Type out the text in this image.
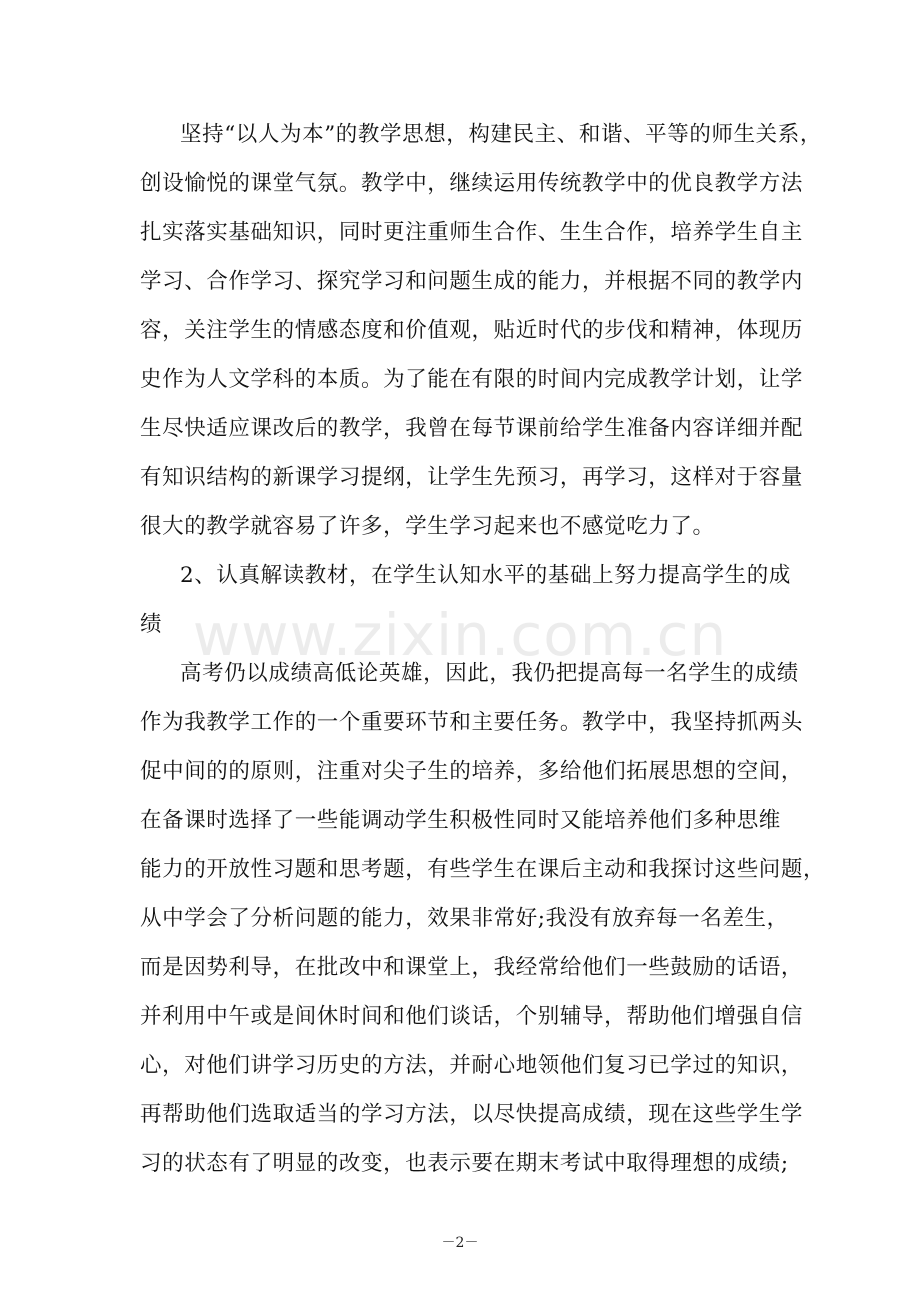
坚持“以人为本”的教学思想，构建民主、和谐、平等的师生关系，
创设愉悦的课堂气氛。教学中，继续运用传统教学中的优良教学方法
扎实落实基础知识，同时更注重师生合作、生生合作，培养学生自主
学习、合作学习、探究学习和问题生成的能力，并根据不同的教学内
容，关注学生的情感态度和价值观，贴近时代的步伐和精神，体现历
史作为人文学科的本质。为了能在有限的时间内完成教学计划，让学
生尽快适应课改后的教学，我曾在每节课前给学生准备内容详细并配
有知识结构的新课学习提纲，让学生先预习，再学习，这样对于容量
很大的教学就容易了许多，学生学习起来也不感觉吃力了。
2、认真解读教材，在学生认知水平的基础上努力提高学生的成
绩 www.zixin.com.cn
高考仍以成绩高低论英雄，因此，我仍把提高每一名学生的成绩
作为我教学工作的一个重要环节和主要任务。教学中，我坚持抓两头
促中间的的原则，注重对尖子生的培养，多给他们拓展思想的空间，
在备课时选择了一些能调动学生积极性同时又能培养他们多种思维
能力的开放性习题和思考题，有些学生在课后主动和我探讨这些问题，
从中学会了分析问题的能力，效果非常好;我没有放弃每一名差生，
而是因势利导，在批改中和课堂上，我经常给他们一些鼓励的话语，
并利用中午或是间休时间和他们谈话，个别辅导，帮助他们增强自信
心，对他们讲学习历史的方法，并耐心地领他们复习已学过的知识，
再帮助他们选取适当的学习方法，以尽快提高成绩，现在这些学生学
习的状态有了明显的改变，也表示要在期末考试中取得理想的成绩;
－2－
